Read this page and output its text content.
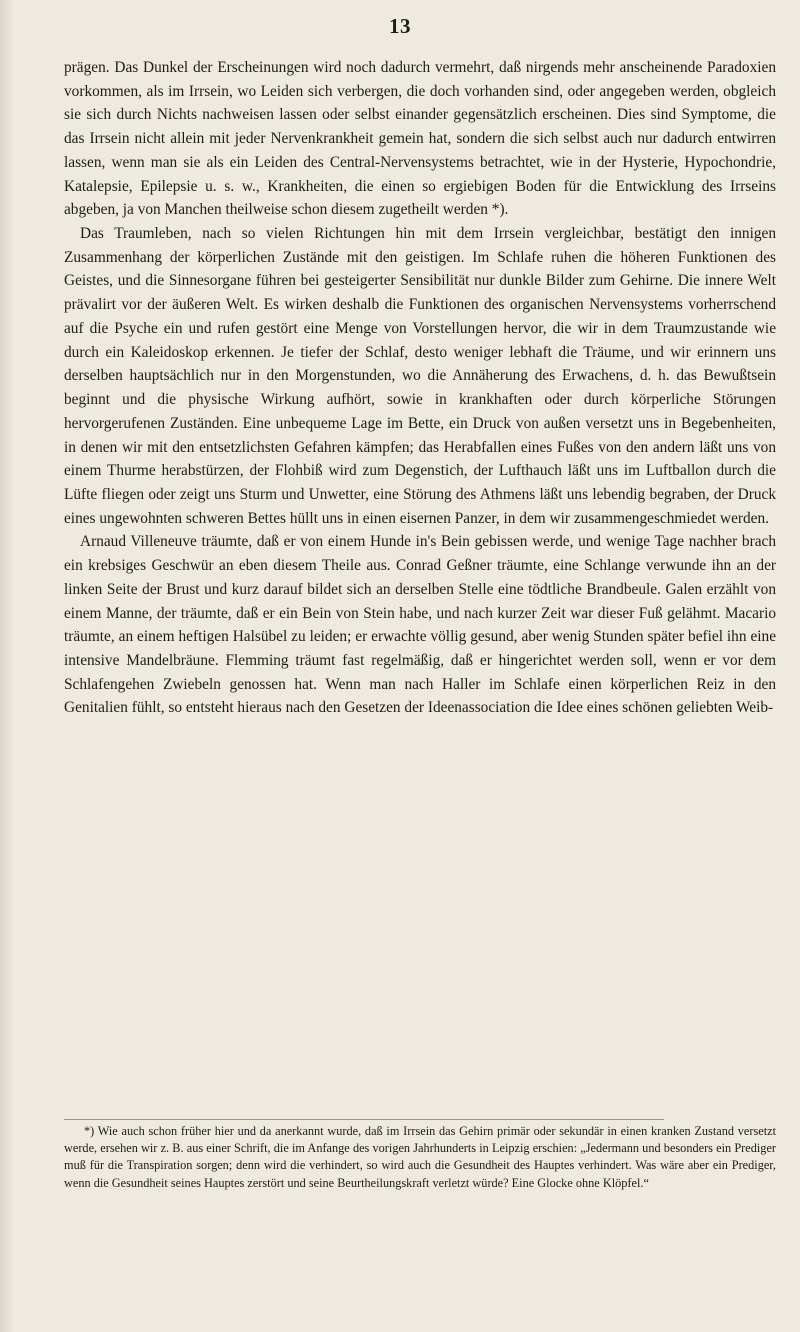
13

prägen. Das Dunkel der Erscheinungen wird noch dadurch vermehrt, daß nirgends mehr anscheinende Paradoxien vorkommen, als im Irrsein, wo Leiden sich verbergen, die doch vorhanden sind, oder angegeben werden, obgleich sie sich durch Nichts nachweisen lassen oder selbst einander gegensätzlich erscheinen. Dies sind Symptome, die das Irrsein nicht allein mit jeder Nervenkrankheit gemein hat, sondern die sich selbst auch nur dadurch entwirren lassen, wenn man sie als ein Leiden des Central-Nervensystems betrachtet, wie in der Hysterie, Hypochondrie, Katalepsie, Epilepsie u. s. w., Krankheiten, die einen so ergiebigen Boden für die Entwicklung des Irrseins abgeben, ja von Manchen theilweise schon diesem zugetheilt werden *).

Das Traumleben, nach so vielen Richtungen hin mit dem Irrsein vergleichbar, bestätigt den innigen Zusammenhang der körperlichen Zustände mit den geistigen. Im Schlafe ruhen die höheren Funktionen des Geistes, und die Sinnesorgane führen bei gesteigerter Sensibilität nur dunkle Bilder zum Gehirne. Die innere Welt prävalirt vor der äußeren Welt. Es wirken deshalb die Funktionen des organischen Nervensystems vorherrschend auf die Psyche ein und rufen gestört eine Menge von Vorstellungen hervor, die wir in dem Traumzustande wie durch ein Kaleidoskop erkennen. Je tiefer der Schlaf, desto weniger lebhaft die Träume, und wir erinnern uns derselben hauptsächlich nur in den Morgenstunden, wo die Annäherung des Erwachens, d. h. das Bewußtsein beginnt und die physische Wirkung aufhört, sowie in krankhaften oder durch körperliche Störungen hervorgerufenen Zuständen. Eine unbequeme Lage im Bette, ein Druck von außen versetzt uns in Begebenheiten, in denen wir mit den entsetzlichsten Gefahren kämpfen; das Herabfallen eines Fußes von den andern läßt uns von einem Thurme herabstürzen, der Flohbiß wird zum Degenstich, der Lufthauch läßt uns im Luftballon durch die Lüfte fliegen oder zeigt uns Sturm und Unwetter, eine Störung des Athmens läßt uns lebendig begraben, der Druck eines ungewohnten schweren Bettes hüllt uns in einen eisernen Panzer, in dem wir zusammengeschmiedet werden.

Arnaud Villeneuve träumte, daß er von einem Hunde in's Bein gebissen werde, und wenige Tage nachher brach ein krebsiges Geschwür an eben diesem Theile aus. Conrad Geßner träumte, eine Schlange verwunde ihn an der linken Seite der Brust und kurz darauf bildet sich an derselben Stelle eine tödtliche Brandbeule. Galen erzählt von einem Manne, der träumte, daß er ein Bein von Stein habe, und nach kurzer Zeit war dieser Fuß gelähmt. Macario träumte, an einem heftigen Halsübel zu leiden; er erwachte völlig gesund, aber wenig Stunden später befiel ihn eine intensive Mandelbräune. Flemming träumt fast regelmäßig, daß er hingerichtet werden soll, wenn er vor dem Schlafengehen Zwiebeln genossen hat. Wenn man nach Haller im Schlafe einen körperlichen Reiz in den Genitalien fühlt, so entsteht hieraus nach den Gesetzen der Ideenassociation die Idee eines schönen geliebten Weib-

*) Wie auch schon früher hier und da anerkannt wurde, daß im Irrsein das Gehirn primär oder sekundär in einen kranken Zustand versetzt werde, ersehen wir z. B. aus einer Schrift, die im Anfange des vorigen Jahrhunderts in Leipzig erschien: „Jedermann und besonders ein Prediger muß für die Transpiration sorgen; denn wird die verhindert, so wird auch die Gesundheit des Hauptes verhindert. Was wäre aber ein Prediger, wenn die Gesundheit seines Hauptes zerstört und seine Beurtheilungskraft verletzt würde? Eine Glocke ohne Klöpfel.“
